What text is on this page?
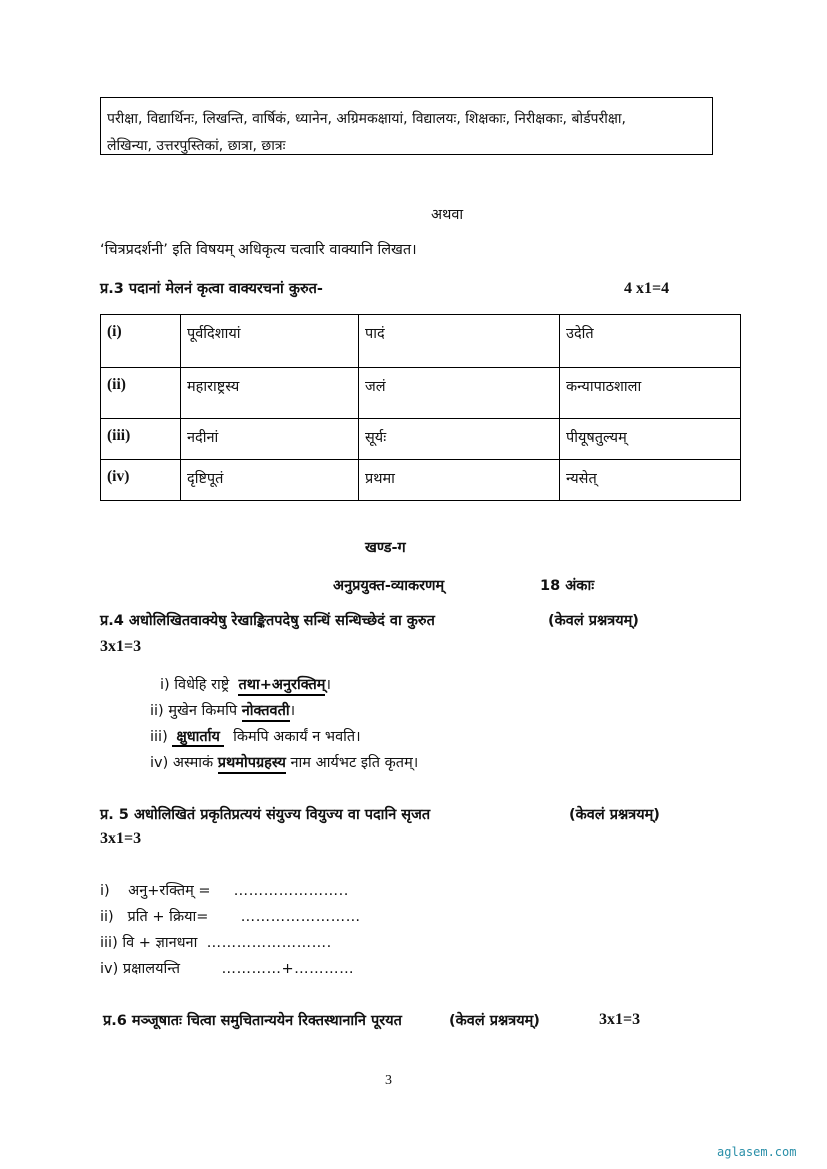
परीक्षा, विद्यार्थिनः, लिखन्ति, वार्षिकं, ध्यानेन, अग्रिमकक्षायां, विद्यालयः, शिक्षकाः, निरीक्षकाः, बोर्डपरीक्षा,
लेखिन्या, उत्तरपुस्तिकां, छात्रा, छात्रः
अथवा
‘चित्रप्रदर्शनी’ इति विषयम् अधिकृत्य चत्वारि वाक्यानि लिखत।
प्र.3 पदानां मेलनं कृत्वा वाक्यरचनां कुरुत-	4 x1=4
(i)	पूर्वदिशायां	पादं	उदेति
(ii)	महाराष्ट्रस्य	जलं	कन्यापाठशाला
(iii)	नदीनां	सूर्यः	पीयूषतुल्यम्
(iv)	दृष्टिपूतं	प्रथमा	न्यसेत्
खण्ड-ग
अनुप्रयुक्त-व्याकरणम्	18 अंकाः
प्र.4 अधोलिखितवाक्येषु रेखाङ्कितपदेषु सन्धिं सन्धिच्छेदं वा कुरुत	(केवलं प्रश्नत्रयम्)
3x1=3
i) विधेहि राष्ट्रे तथा+अनुरक्तिम्।
ii) मुखेन किमपि नोक्तवती।
iii) क्षुधार्ताय किमपि अकार्यं न भवति।
iv) अस्माकं प्रथमोपग्रहस्य नाम आर्यभट इति कृतम्।
प्र. 5 अधोलिखितं प्रकृतिप्रत्ययं संयुज्य वियुज्य वा पदानि सृजत	(केवलं प्रश्नत्रयम्)
3x1=3
i) अनु+रक्तिम् = …………………..
ii) प्रति + क्रिया= ……………………
iii) वि + ज्ञानधना …………………….
iv) प्रक्षालयन्ति	…………+…………
प्र.6 मञ्जूषातः चित्वा समुचितान्ययेन रिक्तस्थानानि पूरयत	(केवलं प्रश्नत्रयम्)	3x1=3
3
aglasem.com
